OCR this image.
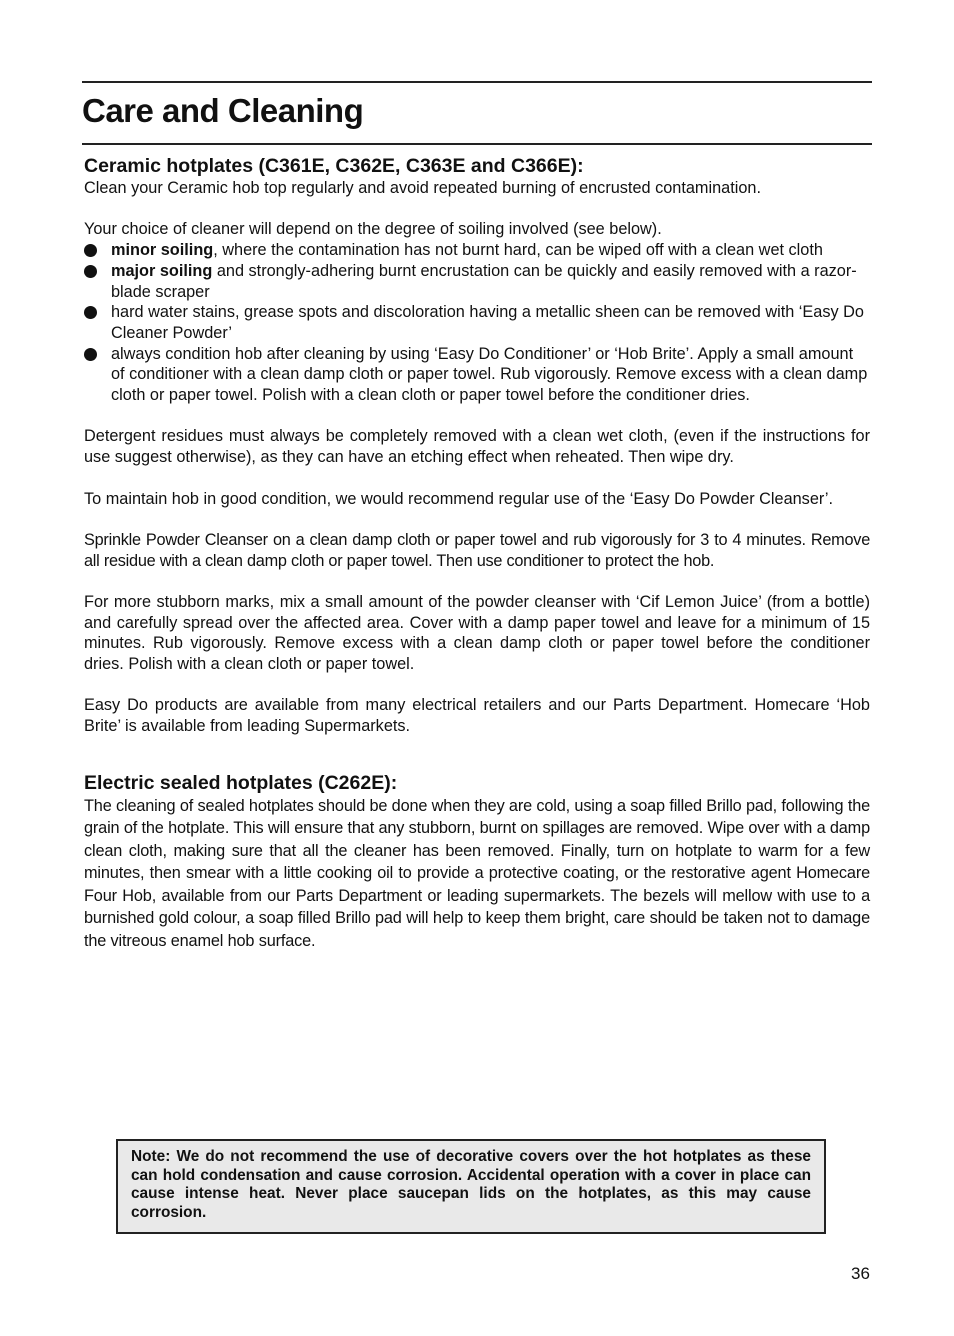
Care and Cleaning
Ceramic hotplates (C361E, C362E, C363E and C366E):

Clean your Ceramic hob top regularly and avoid repeated burning of encrusted contamination.

Your choice of cleaner will depend on the degree of soiling involved (see below).

minor soiling, where the contamination has not burnt hard, can be wiped off with a clean wet cloth
major soiling and strongly-adhering burnt encrustation can be quickly and easily removed with a razor-blade scraper
hard water stains, grease spots and discoloration having a metallic sheen can be removed with ‘Easy Do Cleaner Powder’
always condition hob after cleaning by using ‘Easy Do Conditioner’ or ‘Hob Brite’. Apply a small amount of conditioner with a clean damp cloth or paper towel. Rub vigorously. Remove excess with a clean damp cloth or paper towel. Polish with a clean cloth or paper towel before the conditioner dries.

Detergent residues must always be completely removed with a clean wet cloth, (even if the instructions for use suggest otherwise), as they can have an etching effect when reheated. Then wipe dry.

To maintain hob in good condition, we would recommend regular use of the ‘Easy Do Powder Cleanser’.

Sprinkle Powder Cleanser on a clean damp cloth or paper towel and rub vigorously for 3 to 4 minutes. Remove all residue with a clean damp cloth or paper towel. Then use conditioner to protect the hob.

For more stubborn marks, mix a small amount of the powder cleanser with ‘Cif Lemon Juice’ (from a bottle) and carefully spread over the affected area. Cover with a damp paper towel and leave for a minimum of 15 minutes. Rub vigorously. Remove excess with a clean damp cloth or paper towel before the conditioner dries. Polish with a clean cloth or paper towel.

Easy Do products are available from many electrical retailers and our Parts Department. Homecare ‘Hob Brite’ is available from leading Supermarkets.

Electric sealed hotplates (C262E):

The cleaning of sealed hotplates should be done when they are cold, using a soap filled Brillo pad, following the grain of the hotplate. This will ensure that any stubborn, burnt on spillages are removed. Wipe over with a damp clean cloth, making sure that all the cleaner has been removed. Finally, turn on hotplate to warm for a few minutes, then smear with a little cooking oil to provide a protective coating, or the restorative agent Homecare Four Hob, available from our Parts Department or leading supermarkets. The bezels will mellow with use to a burnished gold colour, a soap filled Brillo pad will help to keep them bright, care should be taken not to damage the vitreous enamel hob surface.

Note: We do not recommend the use of decorative covers over the hot hotplates as these can hold condensation and cause corrosion. Accidental operation with a cover in place can cause intense heat. Never place saucepan lids on the hotplates, as this may cause corrosion.
36
